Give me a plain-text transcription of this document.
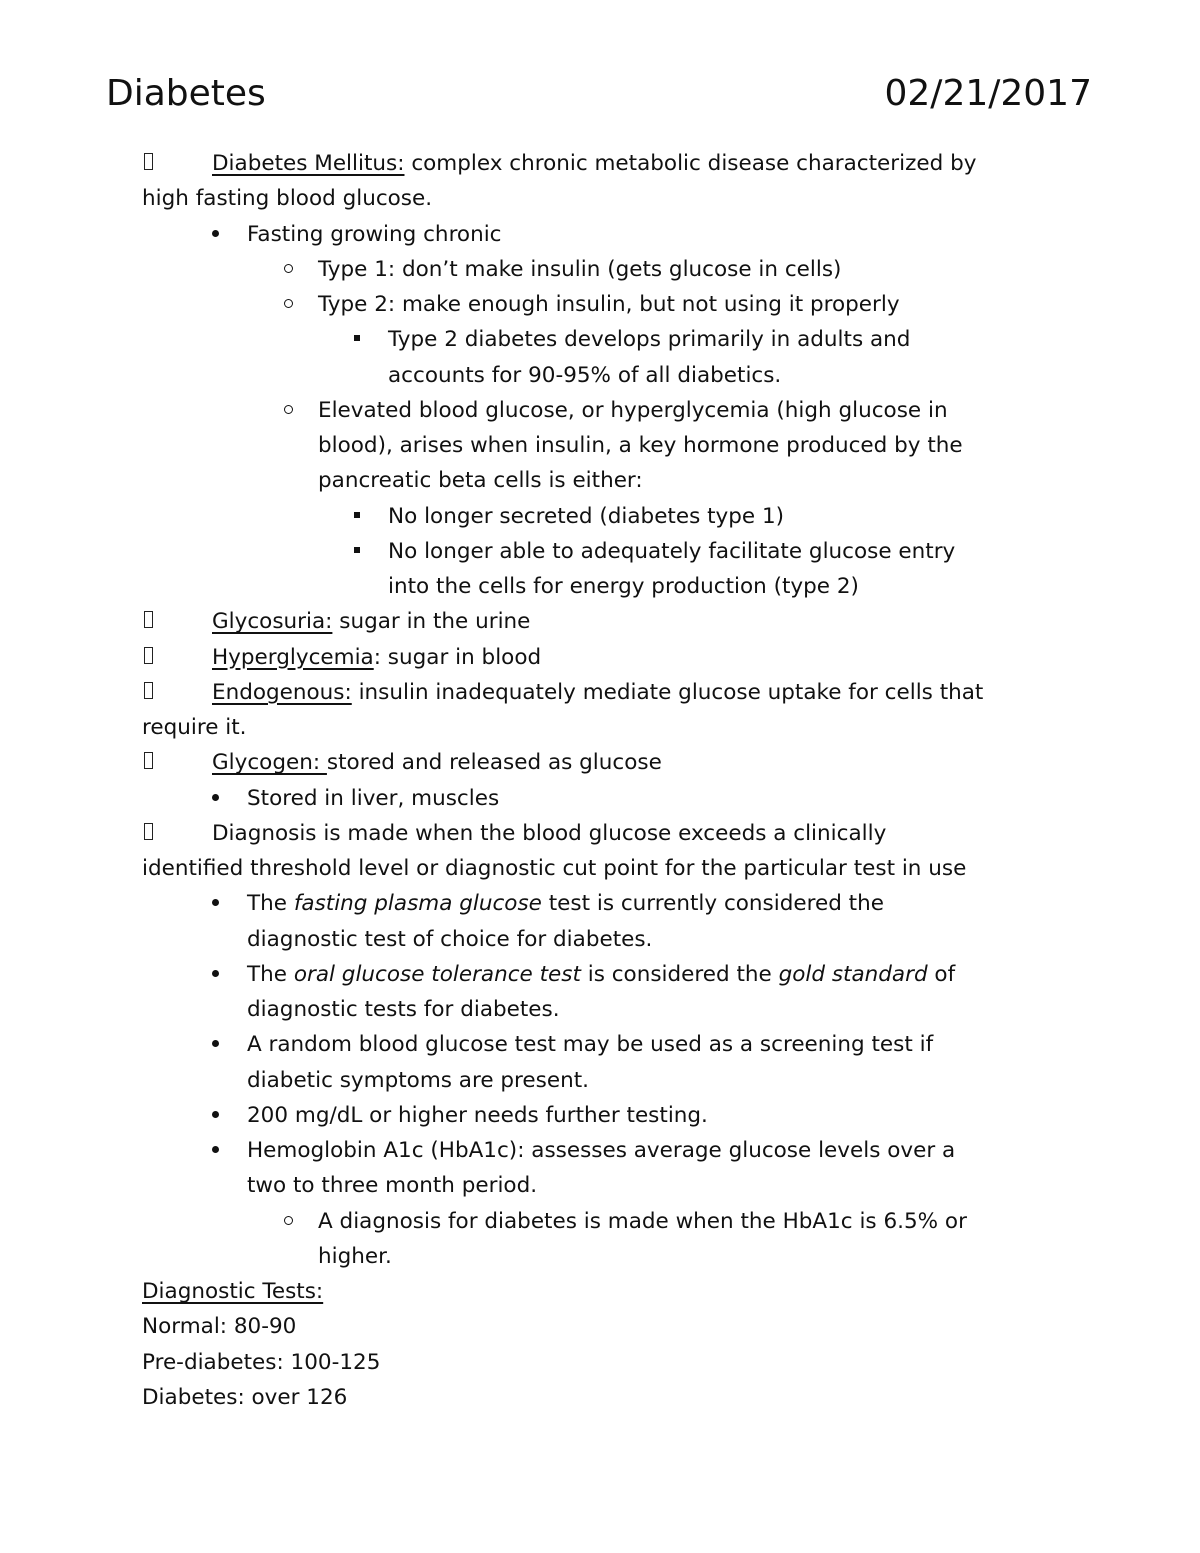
Diabetes	02/21/2017
Diabetes Mellitus: complex chronic metabolic disease characterized by
high fasting blood glucose.
Fasting growing chronic
Type 1: don’t make insulin (gets glucose in cells)
Type 2: make enough insulin, but not using it properly
Type 2 diabetes develops primarily in adults and
accounts for 90-95% of all diabetics.
Elevated blood glucose, or hyperglycemia (high glucose in
blood), arises when insulin, a key hormone produced by the
pancreatic beta cells is either:
No longer secreted (diabetes type 1)
No longer able to adequately facilitate glucose entry
into the cells for energy production (type 2)
Glycosuria: sugar in the urine
Hyperglycemia: sugar in blood
Endogenous: insulin inadequately mediate glucose uptake for cells that
require it.
Glycogen: stored and released as glucose
Stored in liver, muscles
Diagnosis is made when the blood glucose exceeds a clinically
identified threshold level or diagnostic cut point for the particular test in use
The fasting plasma glucose test is currently considered the
diagnostic test of choice for diabetes.
The oral glucose tolerance test is considered the gold standard of
diagnostic tests for diabetes.
A random blood glucose test may be used as a screening test if
diabetic symptoms are present.
200 mg/dL or higher needs further testing.
Hemoglobin A1c (HbA1c): assesses average glucose levels over a
two to three month period.
A diagnosis for diabetes is made when the HbA1c is 6.5% or
higher.
Diagnostic Tests:
Normal: 80-90
Pre-diabetes: 100-125
Diabetes: over 126
